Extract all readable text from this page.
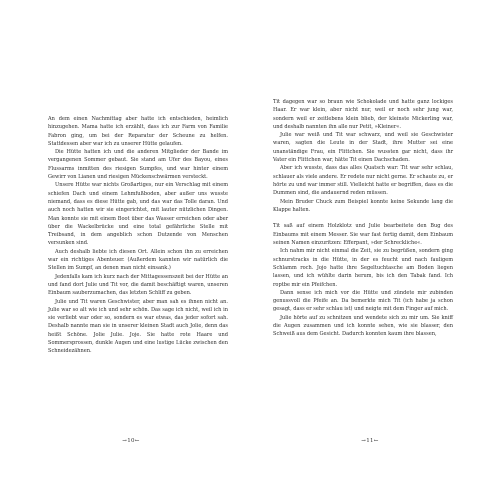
An dem einen Nachmittag aber hatte ich entschieden, heimlich hinzugehen. Mama hatte ich erzählt, dass ich zur Farm von Familie Fabron ging, um bei der Reparatur der Scheune zu helfen. Stattdessen aber war ich zu unserer Hütte gelaufen.

Die Hütte hatten ich und die anderen Mitglieder der Bande im vergangenen Sommer gebaut. Sie stand am Ufer des Bayou, eines Flussarms inmitten des riesigen Sumpfes, und war hinter einem Gewirr von Lianen und riesigen Mückenschwärmen versteckt.

Unsere Hütte war nichts Großartiges, nur ein Verschlag mit einem schiefen Dach und einem Lehmfußboden, aber außer uns wusste niemand, dass es diese Hütte gab, und das war das Tolle daran. Und auch noch hatten wir sie eingerichtet, mit lauter nützlichen Dingen. Man konnte sie mit einem Boot über das Wasser erreichen oder aber über die Wackelbrücke und eine total gefährliche Stelle mit Treibsand, in dem angeblich schon Dutzende von Menschen versunken sind.

Auch deshalb liebte ich diesen Ort. Allein schon ihn zu erreichen war ein richtiges Abenteuer. (Außerdem kannten wir natürlich die Stellen im Sumpf, an denen man nicht einsank.)

Jedenfalls kam ich kurz nach der Mittagessenszeit bei der Hütte an und fand dort Julie und Tit vor, die damit beschäftigt waren, unseren Einbaum sauberzumachen, das letzten Schliff zu geben.

Julie und Tit waren Geschwister, aber man sah es ihnen nicht an. Julie war so alt wie ich und sehr schön. Das sage ich nicht, weil ich in sie verliebt war oder so, sondern es war etwas, das jeder sofort sah. Deshalb nannte man sie in unserer kleinen Stadt auch Jolie, denn das heißt Schöne. Jolie Julie. Joje. Sie hatte rote Haare und Sommersprossen, dunkle Augen und eine lustige Lücke zwischen den Schneidezähnen.

→10←

Tit dagegen war so braun wie Schokolade und hatte ganz lockiges Haar. Er war klein, aber nicht nur, weil er noch sehr jung war, sondern weil er zeitlebens klein blieb, der kleinste Mickerling war, und deshalb nannten ihn alle nur Petit, »Kleiner«.

Julie war weiß und Tit war schwarz, und weil sie Geschwister waren, sagten die Leute in der Stadt, ihre Mutter sei eine unanständige Frau, ein Flittchen. Sie wussten gar nicht, dass ihr Vater ein Flittchen war, hätte Tit einen Dachschaden.

Aber ich wusste, dass das alles Quatsch war: Tit war sehr schlau, schlauer als viele andere. Er redete nur nicht gerne. Er schaute zu, er hörte zu und war immer still. Vielleicht hatte er begriffen, dass es die Dummen sind, die andauernd reden müssen.

Mein Bruder Chuck zum Beispiel konnte keine Sekunde lang die Klappe halten.

Tit saß auf einem Holzklotz und Julie bearbeitete den Bug des Einbaums mit einem Messer. Sie war fast fertig damit, dem Einbaum seinen Namen einzuritzen: Efferpant, »der Schreckliche«.

Ich nahm mir nicht einmal die Zeit, sie zu begrüßen, sondern ging schnurstracks in die Hütte, in der es feucht und nach fauligem Schlamm roch. Jojo hatte ihre Segeltuchtasche am Boden liegen lassen, und ich wühlte darin herum, bis ich den Tabak fand. Ich roptbe mir ein Pfeifchen.

Dann sense ich mich vor die Hütte und zündete mir zubinden genussvoll die Pfeife an. Da bemerkte mich Tit (ich habe ja schon gesagt, dass er sehr schlau ist) und neigte mit dem Finger auf mich.

Julie hörte auf zu schnitzen und wendete sich zu mir um. Sie kniff die Augen zusammen und ich konnte sehen, wie sie blasser, den Schweiß aus dem Gesicht. Dadurch konnten kaum ihre blassen,

→11←
